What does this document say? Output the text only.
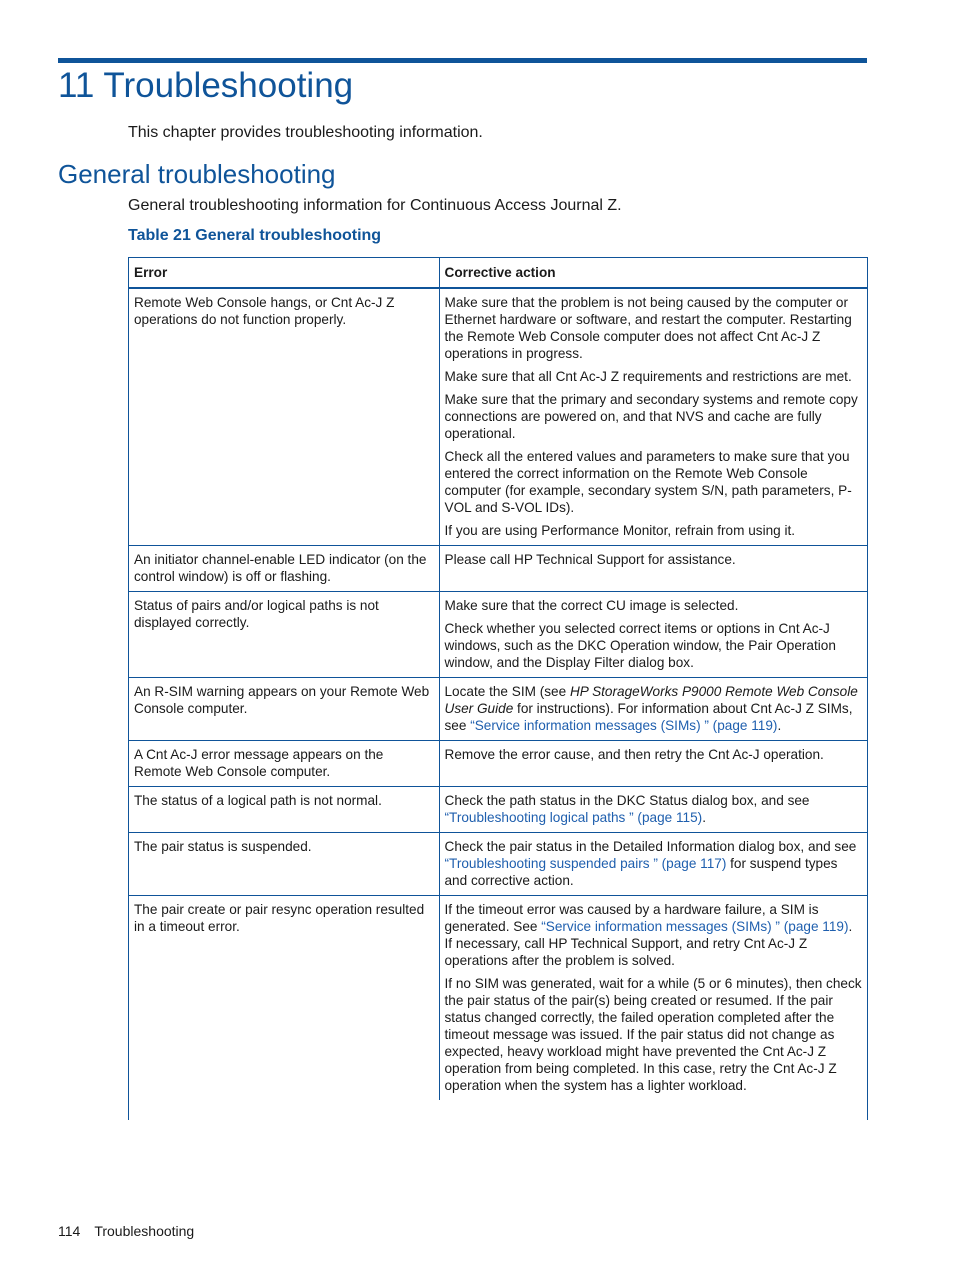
11 Troubleshooting
This chapter provides troubleshooting information.
General troubleshooting
General troubleshooting information for Continuous Access Journal Z.
Table 21 General troubleshooting
Error	Corrective action
Remote Web Console hangs, or Cnt Ac-J Z operations do not function properly.	Make sure that the problem is not being caused by the computer or Ethernet hardware or software, and restart the computer. Restarting the Remote Web Console computer does not affect Cnt Ac-J Z operations in progress.

Make sure that all Cnt Ac-J Z requirements and restrictions are met.

Make sure that the primary and secondary systems and remote copy connections are powered on, and that NVS and cache are fully operational.

Check all the entered values and parameters to make sure that you entered the correct information on the Remote Web Console computer (for example, secondary system S/N, path parameters, P-VOL and S-VOL IDs).

If you are using Performance Monitor, refrain from using it.

An initiator channel-enable LED indicator (on the control window) is off or flashing.	Please call HP Technical Support for assistance.

Status of pairs and/or logical paths is not displayed correctly.	Make sure that the correct CU image is selected.

Check whether you selected correct items or options in Cnt Ac-J windows, such as the DKC Operation window, the Pair Operation window, and the Display Filter dialog box.

An R-SIM warning appears on your Remote Web Console computer.	Locate the SIM (see HP StorageWorks P9000 Remote Web Console User Guide for instructions). For information about Cnt Ac-J Z SIMs, see “Service information messages (SIMs) ” (page 119).

A Cnt Ac-J error message appears on the Remote Web Console computer.	Remove the error cause, and then retry the Cnt Ac-J operation.

The status of a logical path is not normal.	Check the path status in the DKC Status dialog box, and see “Troubleshooting logical paths ” (page 115).

The pair status is suspended.	Check the pair status in the Detailed Information dialog box, and see “Troubleshooting suspended pairs ” (page 117) for suspend types and corrective action.

The pair create or pair resync operation resulted in a timeout error.	If the timeout error was caused by a hardware failure, a SIM is generated. See “Service information messages (SIMs) ” (page 119). If necessary, call HP Technical Support, and retry Cnt Ac-J Z operations after the problem is solved.

If no SIM was generated, wait for a while (5 or 6 minutes), then check the pair status of the pair(s) being created or resumed. If the pair status changed correctly, the failed operation completed after the timeout message was issued. If the pair status did not change as expected, heavy workload might have prevented the Cnt Ac-J Z operation from being completed. In this case, retry the Cnt Ac-J Z operation when the system has a lighter workload.

114 Troubleshooting
